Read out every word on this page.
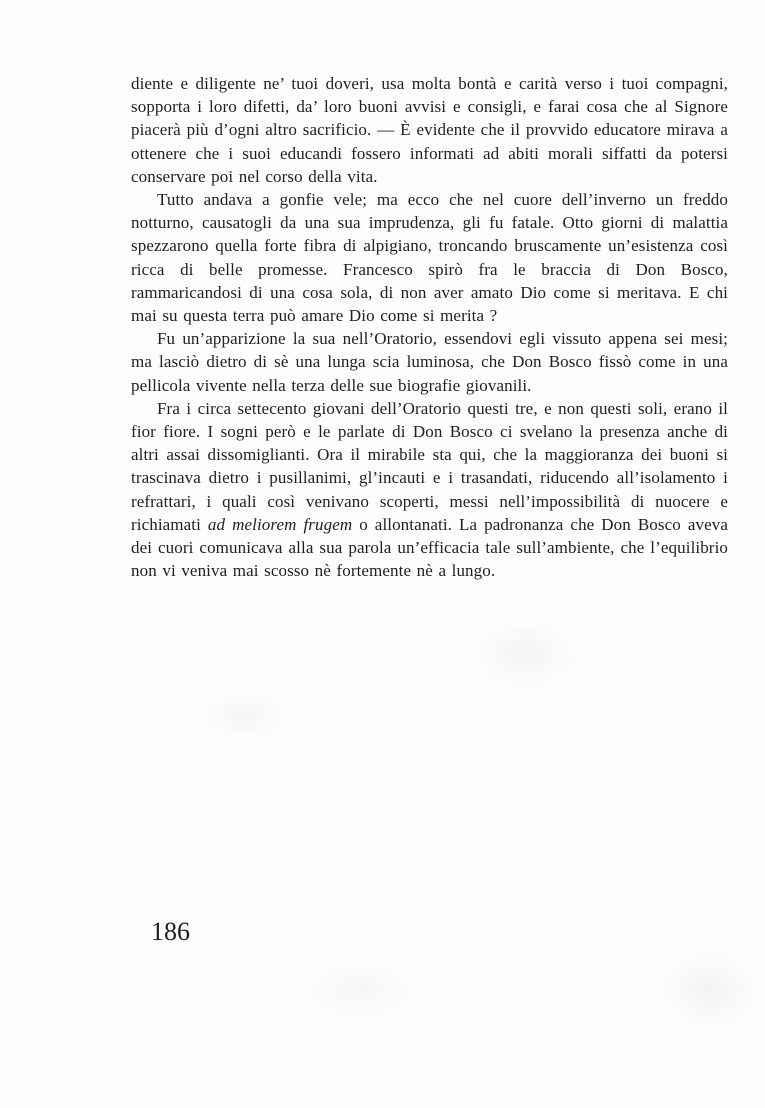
diente e diligente ne’ tuoi doveri, usa molta bontà e carità verso i tuoi compagni, sopporta i loro difetti, da’ loro buoni avvisi e consigli, e farai cosa che al Signore piacerà più d’ogni altro sacrificio. — È evidente che il provvido educatore mirava a ottenere che i suoi educandi fossero informati ad abiti morali siffatti da potersi conservare poi nel corso della vita.

Tutto andava a gonfie vele; ma ecco che nel cuore dell’inverno un freddo notturno, causatogli da una sua imprudenza, gli fu fatale. Otto giorni di malattia spezzarono quella forte fibra di alpigiano, troncando bruscamente un’esistenza così ricca di belle promesse. Francesco spirò fra le braccia di Don Bosco, rammaricandosi di una cosa sola, di non aver amato Dio come si meritava. E chi mai su questa terra può amare Dio come si merita ?

Fu un’apparizione la sua nell’Oratorio, essendovi egli vissuto appena sei mesi; ma lasciò dietro di sè una lunga scia luminosa, che Don Bosco fissò come in una pellicola vivente nella terza delle sue biografie giovanili.

Fra i circa settecento giovani dell’Oratorio questi tre, e non questi soli, erano il fior fiore. I sogni però e le parlate di Don Bosco ci svelano la presenza anche di altri assai dissomiglianti. Ora il mirabile sta qui, che la maggioranza dei buoni si trascinava dietro i pusillanimi, gl’incauti e i trasandati, riducendo all’isolamento i refrattari, i quali così venivano scoperti, messi nell’impossibilità di nuocere e richiamati ad meliorem frugem o allontanati. La padronanza che Don Bosco aveva dei cuori comunicava alla sua parola un’efficacia tale sull’ambiente, che l’equilibrio non vi veniva mai scosso nè fortemente nè a lungo.

186
